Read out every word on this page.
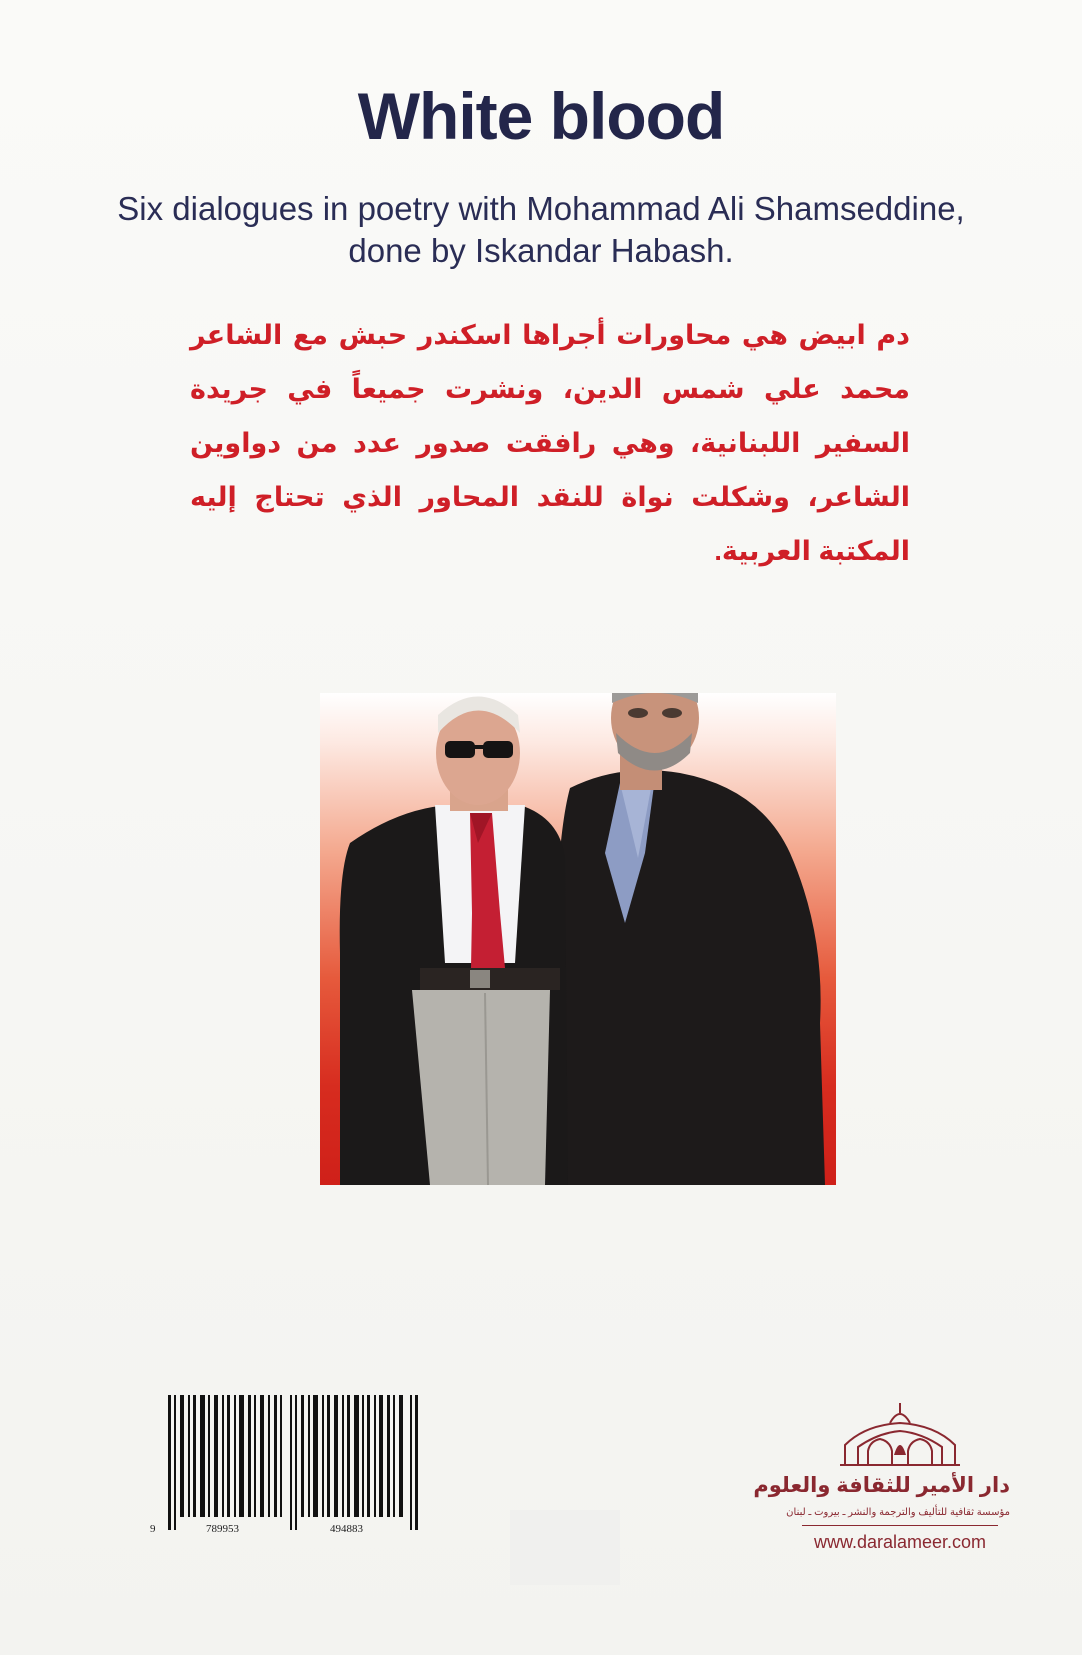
White blood
Six dialogues in poetry with Mohammad Ali Shamseddine,
done by Iskandar Habash.
دم ابيض هي محاورات أجراها اسكندر حبش مع الشاعر محمد علي شمس الدين، ونشرت جميعاً في جريدة السفير اللبنانية، وهي رافقت صدور عدد من دواوين الشاعر، وشكلت نواة للنقد المحاور الذي تحتاج إليه المكتبة العربية.
9	789953	494883
دار الأمير للثقافة والعلوم
مؤسسة ثقافية للتأليف والترجمة والنشر ـ بيروت ـ لبنان
www.daralameer.com
